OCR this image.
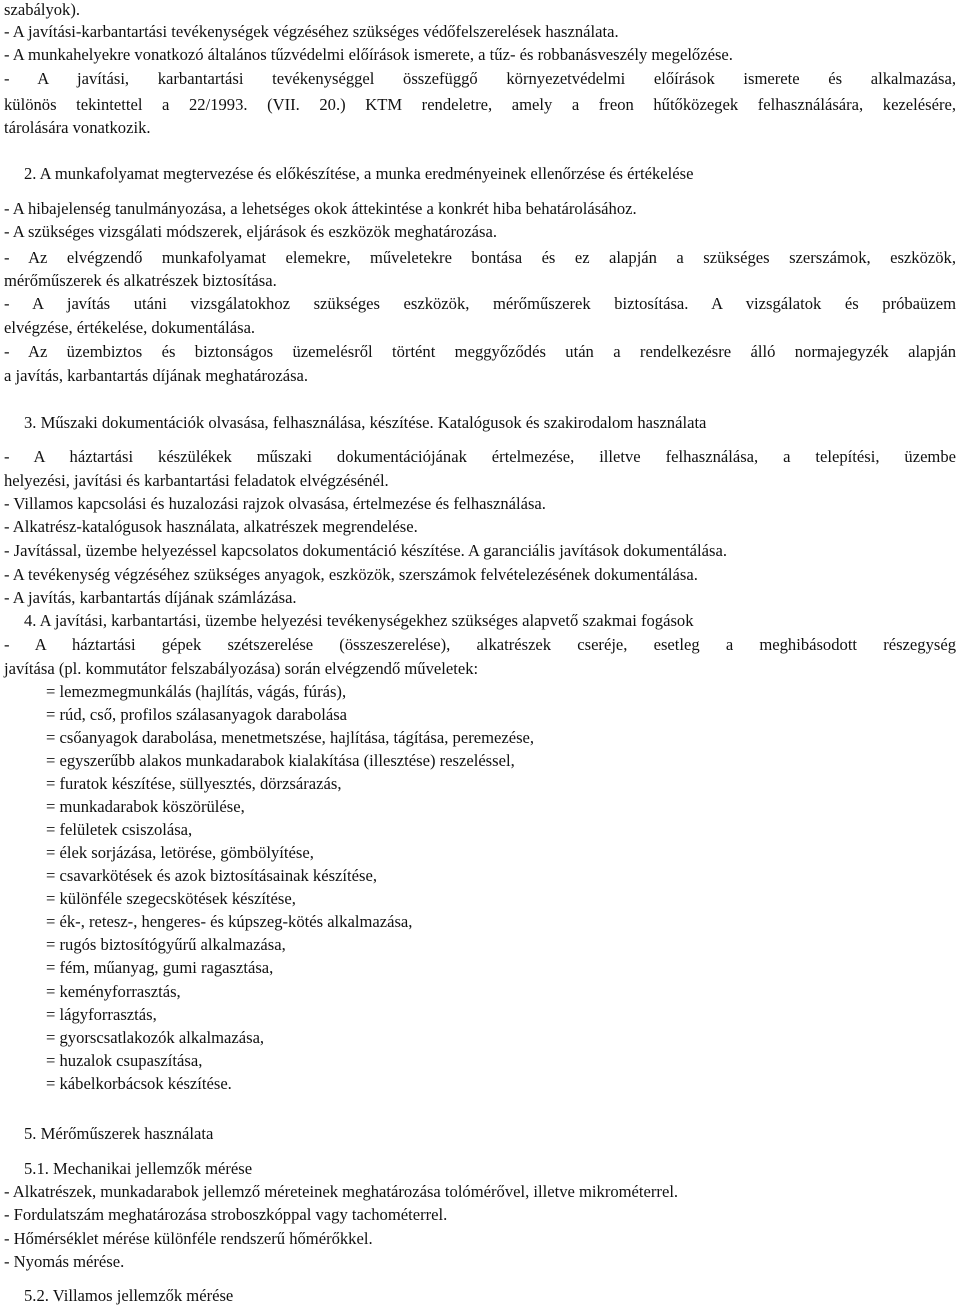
szabályok).
- A javítási-karbantartási tevékenységek végzéséhez szükséges védőfelszerelések használata.
- A munkahelyekre vonatkozó általános tűzvédelmi előírások ismerete, a tűz- és robbanásveszély megelőzése.
- A javítási, karbantartási tevékenységgel összefüggő környezetvédelmi előírások ismerete és alkalmazása,
különös tekintettel a 22/1993. (VII. 20.) KTM rendeletre, amely a freon hűtőközegek felhasználására, kezelésére,
tárolására vonatkozik.
2. A munkafolyamat megtervezése és előkészítése, a munka eredményeinek ellenőrzése és értékelése
- A hibajelenség tanulmányozása, a lehetséges okok áttekintése a konkrét hiba behatárolásához.
- A szükséges vizsgálati módszerek, eljárások és eszközök meghatározása.
- Az elvégzendő munkafolyamat elemekre, műveletekre bontása és ez alapján a szükséges szerszámok, eszközök,
mérőműszerek és alkatrészek biztosítása.
- A javítás utáni vizsgálatokhoz szükséges eszközök, mérőműszerek biztosítása. A vizsgálatok és próbaüzem
elvégzése, értékelése, dokumentálása.
- Az üzembiztos és biztonságos üzemelésről történt meggyőződés után a rendelkezésre álló normajegyzék alapján
a javítás, karbantartás díjának meghatározása.
3. Műszaki dokumentációk olvasása, felhasználása, készítése. Katalógusok és szakirodalom használata
- A háztartási készülékek műszaki dokumentációjának értelmezése, illetve felhasználása, a telepítési, üzembe
helyezési, javítási és karbantartási feladatok elvégzésénél.
- Villamos kapcsolási és huzalozási rajzok olvasása, értelmezése és felhasználása.
- Alkatrész-katalógusok használata, alkatrészek megrendelése.
- Javítással, üzembe helyezéssel kapcsolatos dokumentáció készítése. A garanciális javítások dokumentálása.
- A tevékenység végzéséhez szükséges anyagok, eszközök, szerszámok felvételezésének dokumentálása.
- A javítás, karbantartás díjának számlázása.
4. A javítási, karbantartási, üzembe helyezési tevékenységekhez szükséges alapvető szakmai fogások
- A háztartási gépek szétszerelése (összeszerelése), alkatrészek cseréje, esetleg a meghibásodott részegység
javítása (pl. kommutátor felszabályozása) során elvégzendő műveletek:
= lemezmegmunkálás (hajlítás, vágás, fúrás),
= rúd, cső, profilos szálasanyagok darabolása
= csőanyagok darabolása, menetmetszése, hajlítása, tágítása, peremezése,
= egyszerűbb alakos munkadarabok kialakítása (illesztése) reszeléssel,
= furatok készítése, süllyesztés, dörzsárazás,
= munkadarabok köszörülése,
= felületek csiszolása,
= élek sorjázása, letörése, gömbölyítése,
= csavarkötések és azok biztosításainak készítése,
= különféle szegecskötések készítése,
= ék-, retesz-, hengeres- és kúpszeg-kötés alkalmazása,
= rugós biztosítógyűrű alkalmazása,
= fém, műanyag, gumi ragasztása,
= keményforrasztás,
= lágyforrasztás,
= gyorscsatlakozók alkalmazása,
= huzalok csupaszítása,
= kábelkorbácsok készítése.
5. Mérőműszerek használata
5.1. Mechanikai jellemzők mérése
- Alkatrészek, munkadarabok jellemző méreteinek meghatározása tolómérővel, illetve mikrométerrel.
- Fordulatszám meghatározása stroboszkóppal vagy tachométerrel.
- Hőmérséklet mérése különféle rendszerű hőmérőkkel.
- Nyomás mérése.
5.2. Villamos jellemzők mérése
